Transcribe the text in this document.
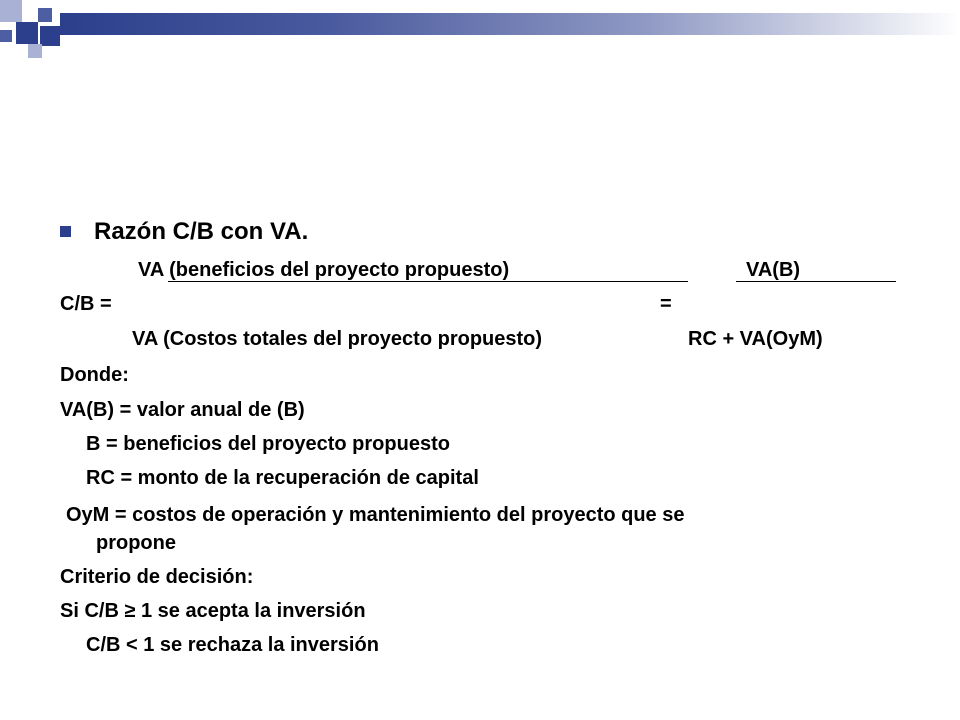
Razón C/B con VA.
VA (beneficios del proyecto propuesto)	VA(B)
C/B =	=
VA (Costos totales del proyecto propuesto)	RC + VA(OyM)
Donde:
VA(B) = valor anual de (B)
B = beneficios del proyecto propuesto
RC = monto de la recuperación de capital
OyM = costos de operación y mantenimiento del proyecto que se
propone
Criterio de decisión:
Si C/B ≥ 1 se acepta la inversión
C/B < 1 se rechaza la inversión
